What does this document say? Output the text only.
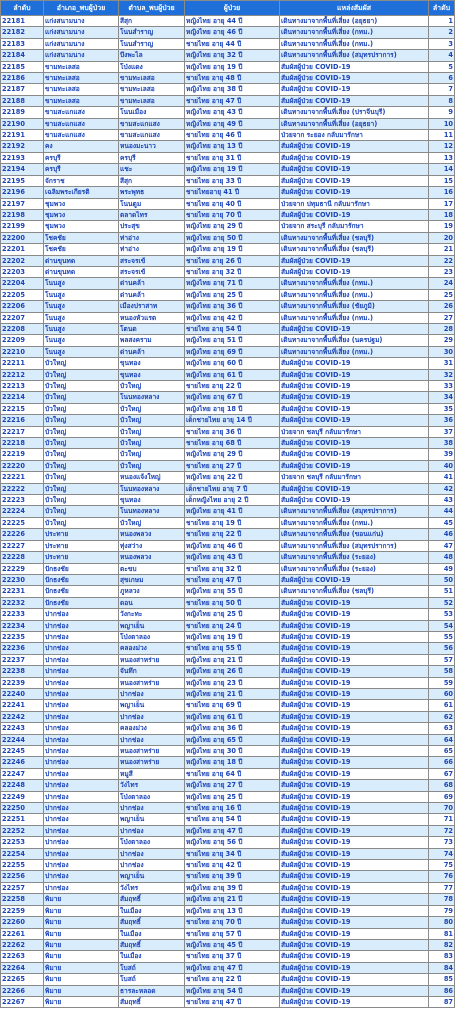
ลำดับ	อำเภอ_พบผู้ป่วย	ตำบล_พบผู้ป่วย	ผู้ป่วย	แหล่งสัมผัส	ลำดับ
22181	แก่งสนามนาง	สีสุก	หญิงไทย อายุ 44 ปี	เดินทางมาจากพื้นที่เสี่ยง (อยุธยา)	1
22182	แก่งสนามนาง	โนนสำราญ	หญิงไทย อายุ 46 ปี	เดินทางมาจากพื้นที่เสี่ยง (กทม.)	2
22183	แก่งสนามนาง	โนนสำราญ	ชายไทย อายุ 44 ปี	เดินทางมาจากพื้นที่เสี่ยง (กทม.)	3
22184	แก่งสนามนาง	บึงพะไล	หญิงไทย อายุ 32 ปี	เดินทางมาจากพื้นที่เสี่ยง (สมุทรปราการ)	4
22185	ขามทะเลสอ	โป่งแดง	หญิงไทย อายุ 19 ปี	สัมผัสผู้ป่วย COVID-19	5
22186	ขามทะเลสอ	ขามทะเลสอ	ชายไทย อายุ 48 ปี	สัมผัสผู้ป่วย COVID-19	6
22187	ขามทะเลสอ	ขามทะเลสอ	หญิงไทย อายุ 38 ปี	สัมผัสผู้ป่วย COVID-19	7
22188	ขามทะเลสอ	ขามทะเลสอ	ชายไทย อายุ 47 ปี	สัมผัสผู้ป่วย COVID-19	8
22189	ขามสะแกแสง	โนนเมือง	หญิงไทย อายุ 43 ปี	เดินทางมาจากพื้นที่เสี่ยง (ปราจีนบุรี)	9
22190	ขามสะแกแสง	ขามสะแกแสง	หญิงไทย อายุ 49 ปี	เดินทางมาจากพื้นที่เสี่ยง (อยุธยา)	10
22191	ขามสะแกแสง	ขามสะแกแสง	ชายไทย อายุ 46 ปี	ป่วยจาก ระยอง กลับมารักษา	11
22192	คง	หนองมะนาว	หญิงไทย อายุ 13 ปี	สัมผัสผู้ป่วย COVID-19	12
22193	ครบุรี	ครบุรี	ชายไทย อายุ 31 ปี	สัมผัสผู้ป่วย COVID-19	13
22194	ครบุรี	แชะ	หญิงไทย อายุ 19 ปี	สัมผัสผู้ป่วย COVID-19	14
22195	จักราช	สีสุก	ชายไทย อายุ 33 ปี	สัมผัสผู้ป่วย COVID-19	15
22196	เฉลิมพระเกียรติ	พระพุทธ	ชายไทยอายุ 41 ปี	สัมผัสผู้ป่วย COVID-19	16
22197	ชุมพวง	โนนตูม	ชายไทย อายุ 40 ปี	ป่วยจาก ปทุมธานี กลับมารักษา	17
22198	ชุมพวง	ตลาดไทร	ชายไทย อายุ 70 ปี	สัมผัสผู้ป่วย COVID-19	18
22199	ชุมพวง	ประสุข	หญิงไทย อายุ 29 ปี	ป่วยจาก สระบุรี กลับมารักษา	19
22200	โชคชัย	ท่าอ่าง	หญิงไทย อายุ 50 ปี	เดินทางมาจากพื้นที่เสี่ยง (ชลบุรี)	20
22201	โชคชัย	ท่าอ่าง	หญิงไทย อายุ 19 ปี	เดินทางมาจากพื้นที่เสี่ยง (ชลบุรี)	21
22202	ด่านขุนทด	สระจรเข้	ชายไทย อายุ 26 ปี	สัมผัสผู้ป่วย COVID-19	22
22203	ด่านขุนทด	สระจรเข้	ชายไทย อายุ 32 ปี	สัมผัสผู้ป่วย COVID-19	23
22204	โนนสูง	ด่านคล้า	หญิงไทย อายุ 71 ปี	เดินทางมาจากพื้นที่เสี่ยง (กทม.)	24
22205	โนนสูง	ด่านคล้า	หญิงไทย อายุ 25 ปี	เดินทางมาจากพื้นที่เสี่ยง (กทม.)	25
22206	โนนสูง	เมืองปราสาท	หญิงไทย อายุ 36 ปี	เดินทางมาจากพื้นที่เสี่ยง (ชัยภูมิ)	26
22207	โนนสูง	หนองหัวแรต	หญิงไทย อายุ 42 ปี	เดินทางมาจากพื้นที่เสี่ยง (กทม.)	27
22208	โนนสูง	โตนด	ชายไทย อายุ 54 ปี	สัมผัสผู้ป่วย COVID-19	28
22209	โนนสูง	พลสงคราม	หญิงไทย อายุ 51 ปี	เดินทางมาจากพื้นที่เสี่ยง (นครปฐม)	29
22210	โนนสูง	ด่านคล้า	หญิงไทย อายุ 69 ปี	เดินทางมาจากพื้นที่เสี่ยง (กทม.)	30
22211	บัวใหญ่	ขุนทอง	หญิงไทย อายุ 60 ปี	สัมผัสผู้ป่วย COVID-19	31
22212	บัวใหญ่	ขุนทอง	หญิงไทย อายุ 61 ปี	สัมผัสผู้ป่วย COVID-19	32
22213	บัวใหญ่	บัวใหญ่	ชายไทย อายุ 22 ปี	สัมผัสผู้ป่วย COVID-19	33
22214	บัวใหญ่	โนนทองหลาง	หญิงไทย อายุ 67 ปี	สัมผัสผู้ป่วย COVID-19	34
22215	บัวใหญ่	บัวใหญ่	หญิงไทย อายุ 18 ปี	สัมผัสผู้ป่วย COVID-19	35
22216	บัวใหญ่	บัวใหญ่	เด็กชายไทย อายุ 14 ปี	สัมผัสผู้ป่วย COVID-19	36
22217	บัวใหญ่	บัวใหญ่	ชายไทย อายุ 36 ปี	ป่วยจาก ชลบุรี กลับมารักษา	37
22218	บัวใหญ่	บัวใหญ่	ชายไทย อายุ 68 ปี	สัมผัสผู้ป่วย COVID-19	38
22219	บัวใหญ่	บัวใหญ่	หญิงไทย อายุ 29 ปี	สัมผัสผู้ป่วย COVID-19	39
22220	บัวใหญ่	บัวใหญ่	ชายไทย อายุ 27 ปี	สัมผัสผู้ป่วย COVID-19	40
22221	บัวใหญ่	หนองแจ้งใหญ่	หญิงไทย อายุ 22 ปี	ป่วยจาก ชลบุรี กลับมารักษา	41
22222	บัวใหญ่	โนนทองหลาง	เด็กชายไทย อายุ 7 ปี	สัมผัสผู้ป่วย COVID-19	42
22223	บัวใหญ่	ขุนทอง	เด็กหญิงไทย อายุ 2 ปี	สัมผัสผู้ป่วย COVID-19	43
22224	บัวใหญ่	โนนทองหลาง	หญิงไทย อายุ 41 ปี	เดินทางมาจากพื้นที่เสี่ยง (สมุทรปราการ)	44
22225	บัวใหญ่	บัวใหญ่	ชายไทย อายุ 19 ปี	เดินทางมาจากพื้นที่เสี่ยง (กทม.)	45
22226	ประทาย	หนองพลวง	ชายไทย อายุ 22 ปี	เดินทางมาจากพื้นที่เสี่ยง (ขอนแก่น)	46
22227	ประทาย	ทุ่งสว่าง	หญิงไทย อายุ 46 ปี	เดินทางมาจากพื้นที่เสี่ยง (สมุทรปราการ)	47
22228	ประทาย	หนองพลวง	หญิงไทย อายุ 43 ปี	เดินทางมาจากพื้นที่เสี่ยง (ระยอง)	48
22229	ปักธงชัย	ตะขบ	ชายไทย อายุ 32 ปี	เดินทางมาจากพื้นที่เสี่ยง (ระยอง)	49
22230	ปักธงชัย	สุขเกษม	ชายไทย อายุ 47 ปี	สัมผัสผู้ป่วย COVID-19	50
22231	ปักธงชัย	ภูหลวง	หญิงไทย อายุ 55 ปี	เดินทางมาจากพื้นที่เสี่ยง (ชลบุรี)	51
22232	ปักธงชัย	ดอน	ชายไทย อายุ 50 ปี	สัมผัสผู้ป่วย COVID-19	52
22233	ปากช่อง	วังกะทะ	หญิงไทย อายุ 25 ปี	สัมผัสผู้ป่วย COVID-19	53
22234	ปากช่อง	พญาเย็น	ชายไทย อายุ 24 ปี	สัมผัสผู้ป่วย COVID-19	54
22235	ปากช่อง	โป่งตาลอง	หญิงไทย อายุ 19 ปี	สัมผัสผู้ป่วย COVID-19	55
22236	ปากช่อง	คลองม่วง	ชายไทย อายุ 55 ปี	สัมผัสผู้ป่วย COVID-19	56
22237	ปากช่อง	หนองสาหร่าย	หญิงไทย อายุ 21 ปี	สัมผัสผู้ป่วย COVID-19	57
22238	ปากช่อง	จันทึก	หญิงไทย อายุ 26 ปี	สัมผัสผู้ป่วย COVID-19	58
22239	ปากช่อง	หนองสาหร่าย	หญิงไทย อายุ 23 ปี	สัมผัสผู้ป่วย COVID-19	59
22240	ปากช่อง	ปากช่อง	หญิงไทย อายุ 21 ปี	สัมผัสผู้ป่วย COVID-19	60
22241	ปากช่อง	พญาเย็น	ชายไทย อายุ 69 ปี	สัมผัสผู้ป่วย COVID-19	61
22242	ปากช่อง	ปากช่อง	หญิงไทย อายุ 61 ปี	สัมผัสผู้ป่วย COVID-19	62
22243	ปากช่อง	คลองม่วง	หญิงไทย อายุ 36 ปี	สัมผัสผู้ป่วย COVID-19	63
22244	ปากช่อง	ปากช่อง	หญิงไทย อายุ 65 ปี	สัมผัสผู้ป่วย COVID-19	64
22245	ปากช่อง	หนองสาหร่าย	หญิงไทย อายุ 30 ปี	สัมผัสผู้ป่วย COVID-19	65
22246	ปากช่อง	หนองสาหร่าย	หญิงไทย อายุ 18 ปี	สัมผัสผู้ป่วย COVID-19	66
22247	ปากช่อง	หมูสี	ชายไทย อายุ 64 ปี	สัมผัสผู้ป่วย COVID-19	67
22248	ปากช่อง	วังไทร	หญิงไทย อายุ 27 ปี	สัมผัสผู้ป่วย COVID-19	68
22249	ปากช่อง	โป่งตาลอง	หญิงไทย อายุ 25 ปี	สัมผัสผู้ป่วย COVID-19	69
22250	ปากช่อง	ปากช่อง	ชายไทย อายุ 16 ปี	สัมผัสผู้ป่วย COVID-19	70
22251	ปากช่อง	พญาเย็น	ชายไทย อายุ 54 ปี	สัมผัสผู้ป่วย COVID-19	71
22252	ปากช่อง	ปากช่อง	หญิงไทย อายุ 47 ปี	สัมผัสผู้ป่วย COVID-19	72
22253	ปากช่อง	โป่งตาลอง	หญิงไทย อายุ 56 ปี	สัมผัสผู้ป่วย COVID-19	73
22254	ปากช่อง	ปากช่อง	ชายไทย อายุ 34 ปี	สัมผัสผู้ป่วย COVID-19	74
22255	ปากช่อง	ปากช่อง	ชายไทย อายุ 42 ปี	สัมผัสผู้ป่วย COVID-19	75
22256	ปากช่อง	พญาเย็น	ชายไทย อายุ 39 ปี	สัมผัสผู้ป่วย COVID-19	76
22257	ปากช่อง	วังไทร	หญิงไทย อายุ 39 ปี	สัมผัสผู้ป่วย COVID-19	77
22258	พิมาย	สัมฤทธิ์	หญิงไทย อายุ 21 ปี	สัมผัสผู้ป่วย COVID-19	78
22259	พิมาย	ในเมือง	หญิงไทย อายุ 13 ปี	สัมผัสผู้ป่วย COVID-19	79
22260	พิมาย	สัมฤทธิ์	ชายไทย อายุ 70 ปี	สัมผัสผู้ป่วย COVID-19	80
22261	พิมาย	ในเมือง	ชายไทย อายุ 57 ปี	สัมผัสผู้ป่วย COVID-19	81
22262	พิมาย	สัมฤทธิ์	หญิงไทย อายุ 45 ปี	สัมผัสผู้ป่วย COVID-19	82
22263	พิมาย	ในเมือง	ชายไทย อายุ 37 ปี	สัมผัสผู้ป่วย COVID-19	83
22264	พิมาย	โบสถ์	หญิงไทย อายุ 47 ปี	สัมผัสผู้ป่วย COVID-19	84
22265	พิมาย	โบสถ์	ชายไทย อายุ 22 ปี	สัมผัสผู้ป่วย COVID-19	85
22266	พิมาย	ธารละหลอด	หญิงไทย อายุ 54 ปี	สัมผัสผู้ป่วย COVID-19	86
22267	พิมาย	สัมฤทธิ์	ชายไทย อายุ 47 ปี	สัมผัสผู้ป่วย COVID-19	87
